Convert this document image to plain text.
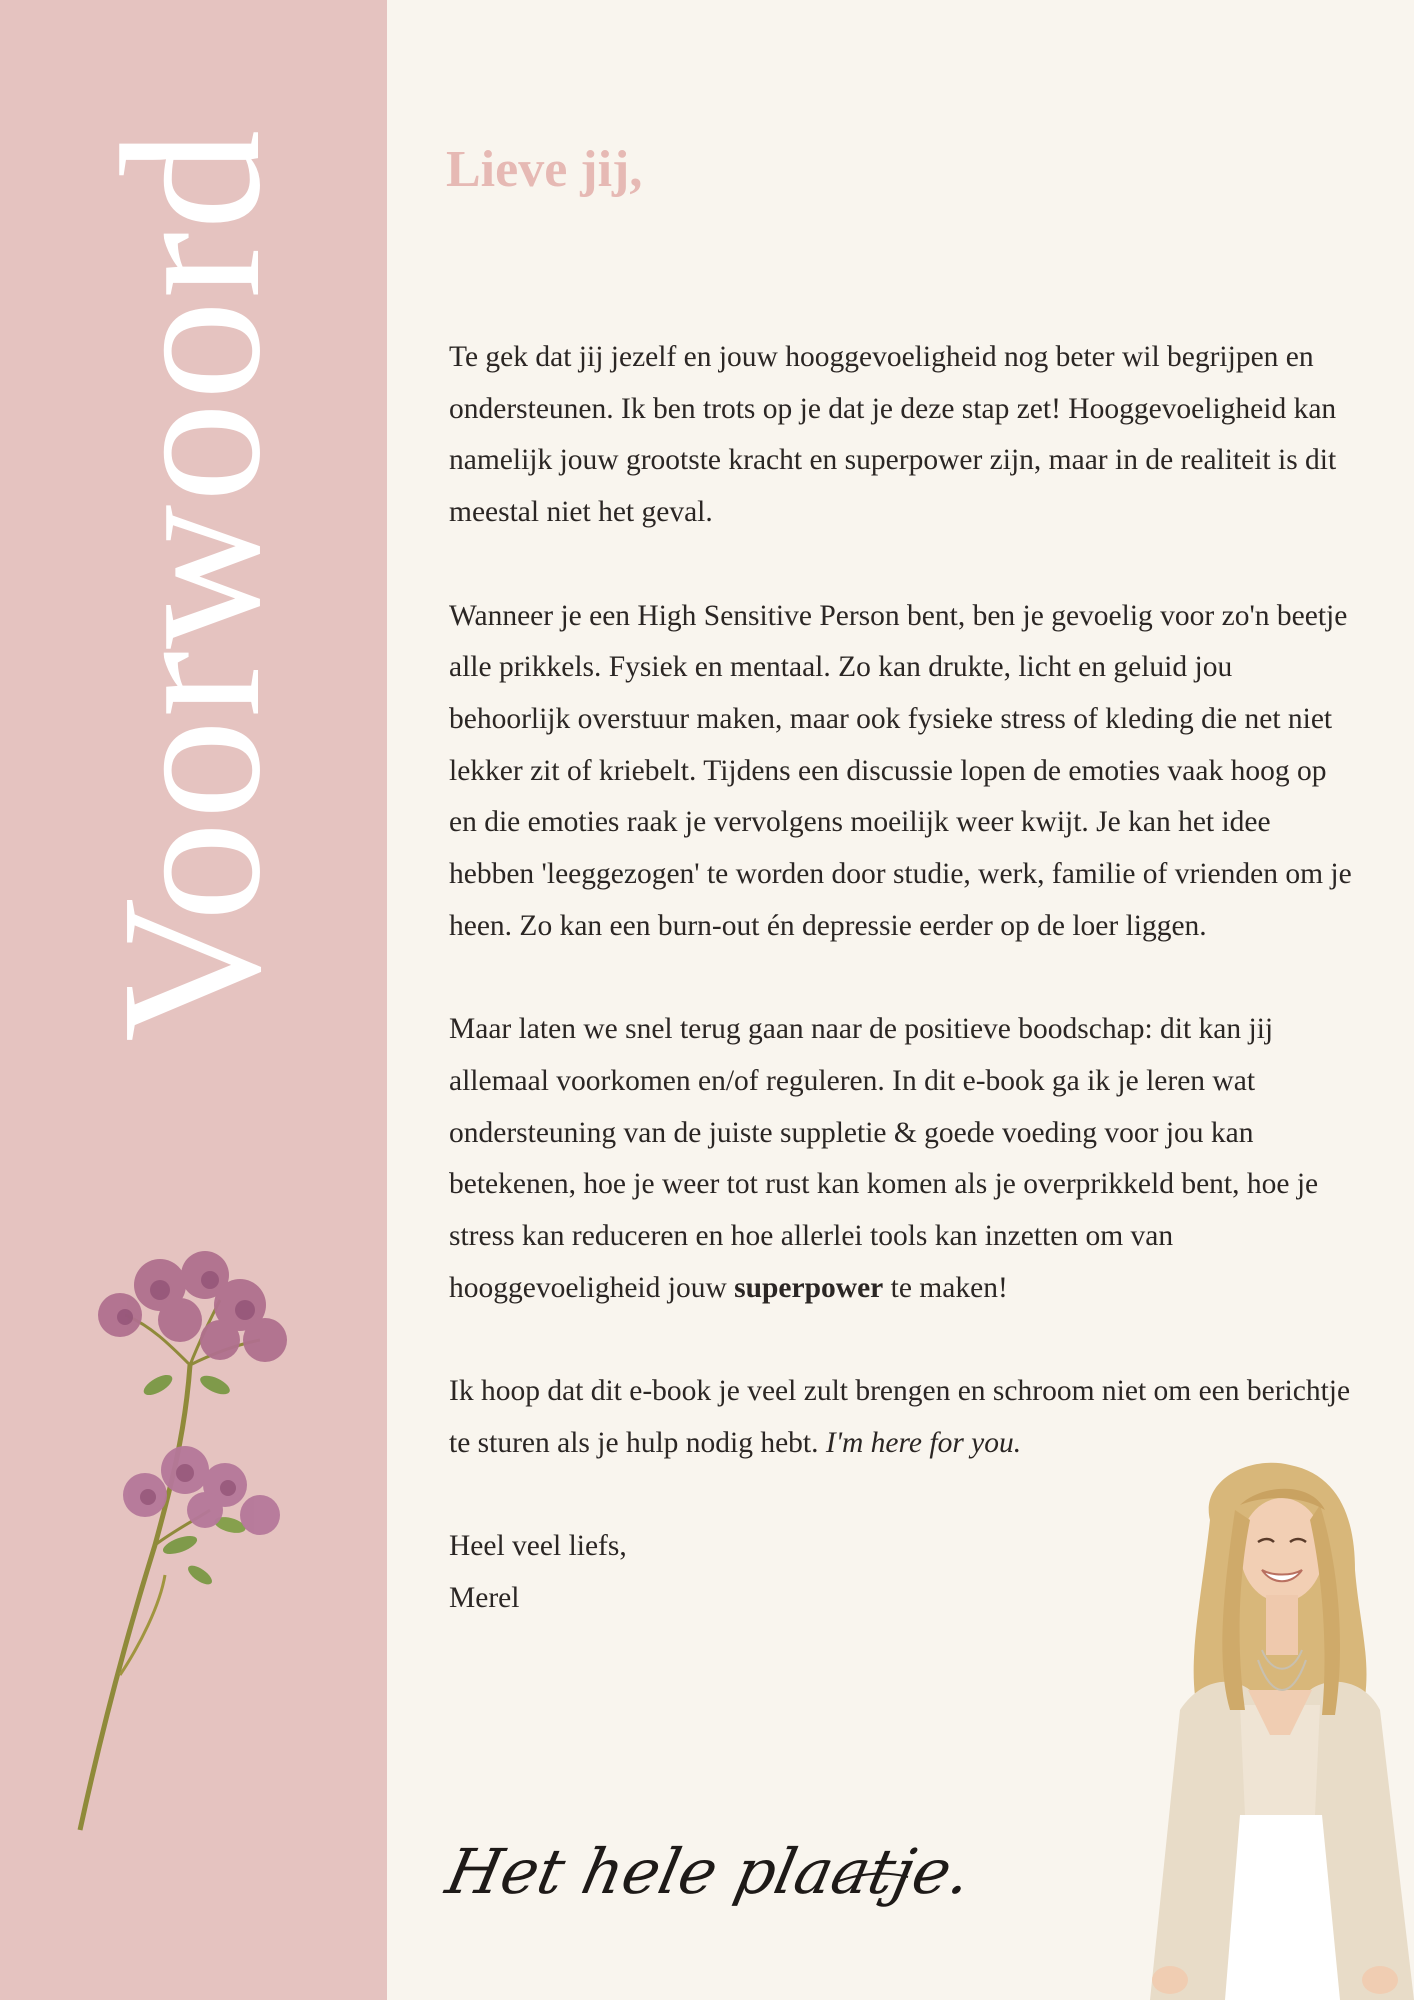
Voorwoord	Lieve jij,

Te gek dat jij jezelf en jouw hooggevoeligheid nog beter wil begrijpen en ondersteunen. Ik ben trots op je dat je deze stap zet! Hooggevoeligheid kan namelijk jouw grootste kracht en superpower zijn, maar in de realiteit is dit meestal niet het geval.

Wanneer je een High Sensitive Person bent, ben je gevoelig voor zo'n beetje alle prikkels. Fysiek en mentaal. Zo kan drukte, licht en geluid jou behoorlijk overstuur maken, maar ook fysieke stress of kleding die net niet lekker zit of kriebelt. Tijdens een discussie lopen de emoties vaak hoog op en die emoties raak je vervolgens moeilijk weer kwijt. Je kan het idee hebben 'leeggezogen' te worden door studie, werk, familie of vrienden om je heen. Zo kan een burn-out én depressie eerder op de loer liggen.

Maar laten we snel terug gaan naar de positieve boodschap: dit kan jij allemaal voorkomen en/of reguleren. In dit e-book ga ik je leren wat ondersteuning van de juiste suppletie & goede voeding voor jou kan betekenen, hoe je weer tot rust kan komen als je overprikkeld bent, hoe je stress kan reduceren en hoe allerlei tools kan inzetten om van hooggevoeligheid jouw superpower te maken!

Ik hoop dat dit e-book je veel zult brengen en schroom niet om een berichtje te sturen als je hulp nodig hebt. I'm here for you.

Heel veel liefs,
Merel

Het hele plaatje.
